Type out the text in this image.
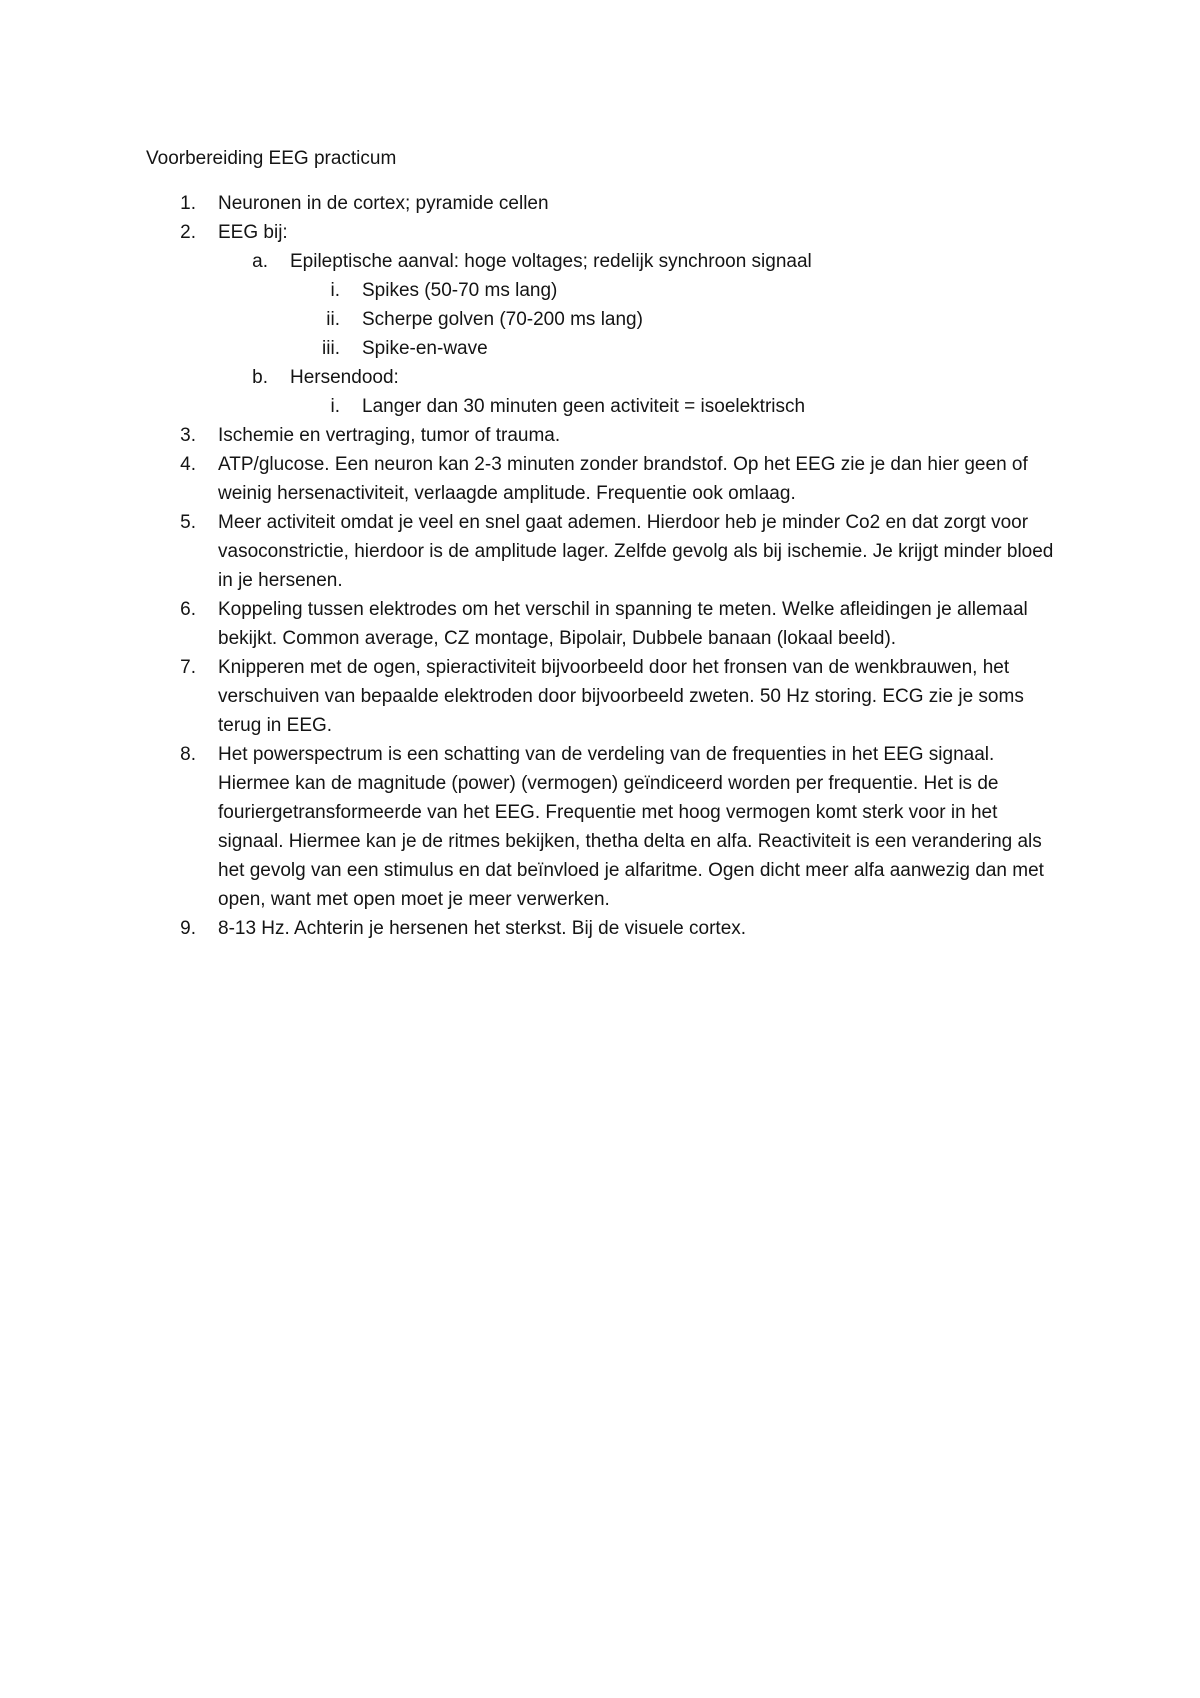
Voorbereiding EEG practicum

1. Neuronen in de cortex; pyramide cellen
2. EEG bij:
a. Epileptische aanval: hoge voltages; redelijk synchroon signaal
i. Spikes (50-70 ms lang)
ii. Scherpe golven (70-200 ms lang)
iii. Spike-en-wave
b. Hersendood:
i. Langer dan 30 minuten geen activiteit = isoelektrisch
3. Ischemie en vertraging, tumor of trauma.
4. ATP/glucose. Een neuron kan 2-3 minuten zonder brandstof. Op het EEG zie je dan hier geen of weinig hersenactiviteit, verlaagde amplitude. Frequentie ook omlaag.
5. Meer activiteit omdat je veel en snel gaat ademen. Hierdoor heb je minder Co2 en dat zorgt voor vasoconstrictie, hierdoor is de amplitude lager. Zelfde gevolg als bij ischemie. Je krijgt minder bloed in je hersenen.
6. Koppeling tussen elektrodes om het verschil in spanning te meten. Welke afleidingen je allemaal bekijkt. Common average, CZ montage, Bipolair, Dubbele banaan (lokaal beeld).
7. Knipperen met de ogen, spieractiviteit bijvoorbeeld door het fronsen van de wenkbrauwen, het verschuiven van bepaalde elektroden door bijvoorbeeld zweten. 50 Hz storing. ECG zie je soms terug in EEG.
8. Het powerspectrum is een schatting van de verdeling van de frequenties in het EEG signaal. Hiermee kan de magnitude (power) (vermogen) geïndiceerd worden per frequentie. Het is de fouriergetransformeerde van het EEG. Frequentie met hoog vermogen komt sterk voor in het signaal. Hiermee kan je de ritmes bekijken, thetha delta en alfa. Reactiviteit is een verandering als het gevolg van een stimulus en dat beïnvloed je alfaritme. Ogen dicht meer alfa aanwezig dan met open, want met open moet je meer verwerken.
9. 8-13 Hz. Achterin je hersenen het sterkst. Bij de visuele cortex.
